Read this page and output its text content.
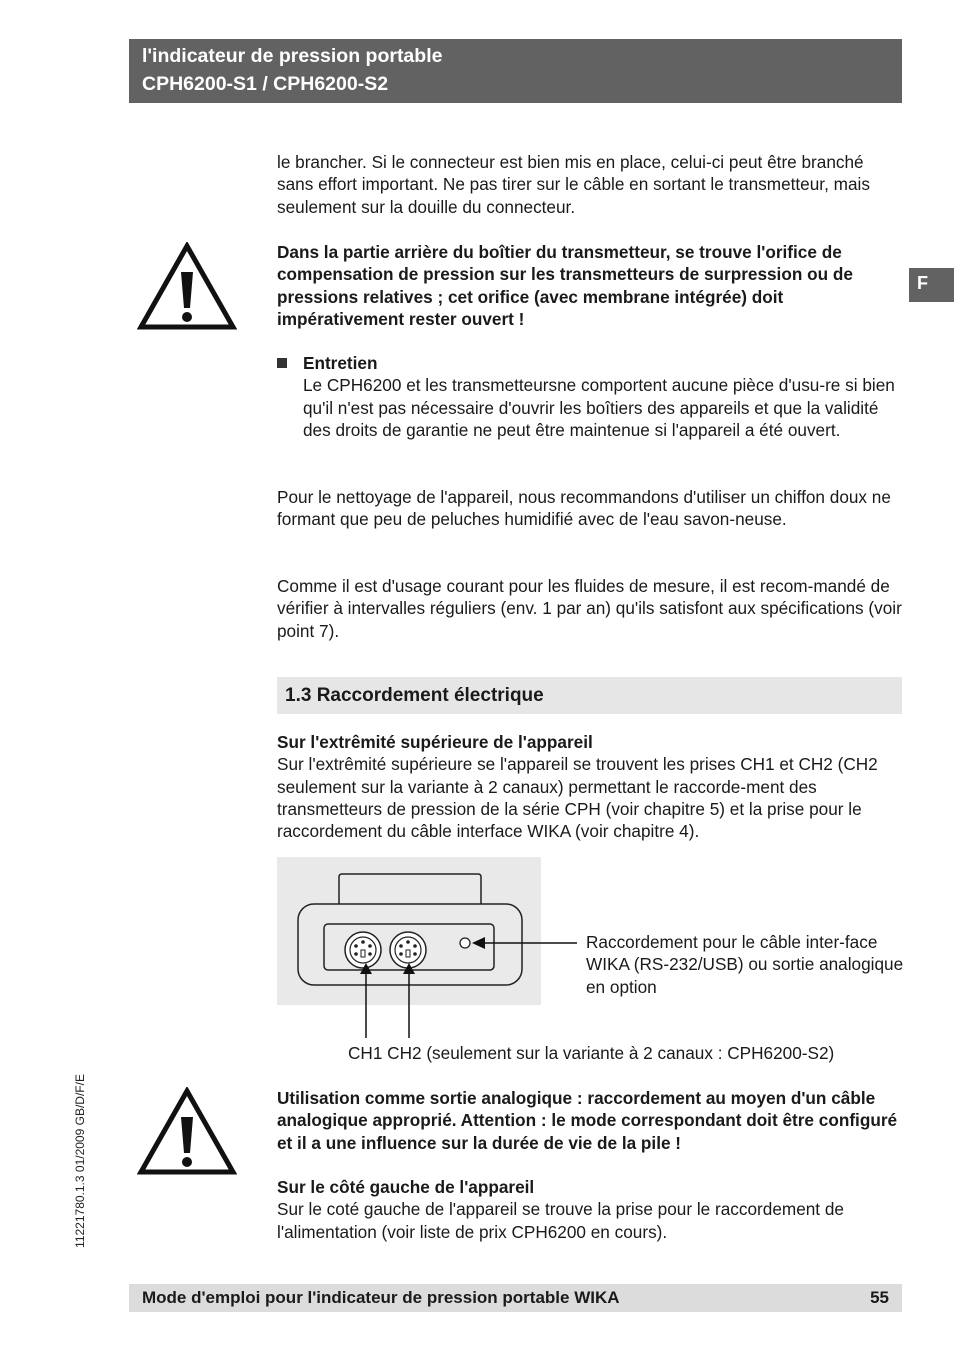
l'indicateur de pression portable
CPH6200-S1 / CPH6200-S2
F
11221780.1.3 01/2009 GB/D/F/E

le brancher. Si le connecteur est bien mis en place, celui-ci peut être branché sans effort important. Ne pas tirer sur le câble en sortant le transmetteur, mais seulement sur la douille du connecteur.

Dans la partie arrière du boîtier du transmetteur, se trouve l'orifice de compensation de pression sur les transmetteurs de surpression ou de pressions relatives ; cet orifice (avec membrane intégrée) doit impérativement rester ouvert !

Entretien

Le CPH6200 et les transmetteursne comportent aucune pièce d'usu-re si bien qu'il n'est pas nécessaire d'ouvrir les boîtiers des appareils et que la validité des droits de garantie ne peut être maintenue si l'appareil a été ouvert.

Pour le nettoyage de l'appareil, nous recommandons d'utiliser un chiffon doux ne formant que peu de peluches humidifié avec de l'eau savon-neuse.

Comme il est d'usage courant pour les fluides de mesure, il est recom-mandé de vérifier à intervalles réguliers (env. 1 par an) qu'ils satisfont aux spécifications (voir point 7).

1.3 Raccordement électrique

Sur l'extrêmité supérieure de l'appareil

Sur l'extrêmité supérieure se l'appareil se trouvent les prises CH1 et CH2 (CH2 seulement sur la variante à 2 canaux) permettant le raccorde-ment des transmetteurs de pression de la série CPH (voir chapitre 5) et la prise pour le raccordement du câble interface WIKA (voir chapitre 4).

Raccordement pour le câble inter-face WIKA (RS-232/USB) ou sortie analogique en option
CH1 CH2 (seulement sur la variante à 2 canaux : CPH6200-S2)

Utilisation comme sortie analogique : raccordement au moyen d'un câble analogique approprié. Attention : le mode correspondant doit être configuré et il a une influence sur la durée de vie de la pile !

Sur le côté gauche de l'appareil

Sur le coté gauche de l'appareil se trouve la prise pour le raccordement de l'alimentation (voir liste de prix CPH6200 en cours).

Mode d'emploi pour l'indicateur de pression portable WIKA	55
